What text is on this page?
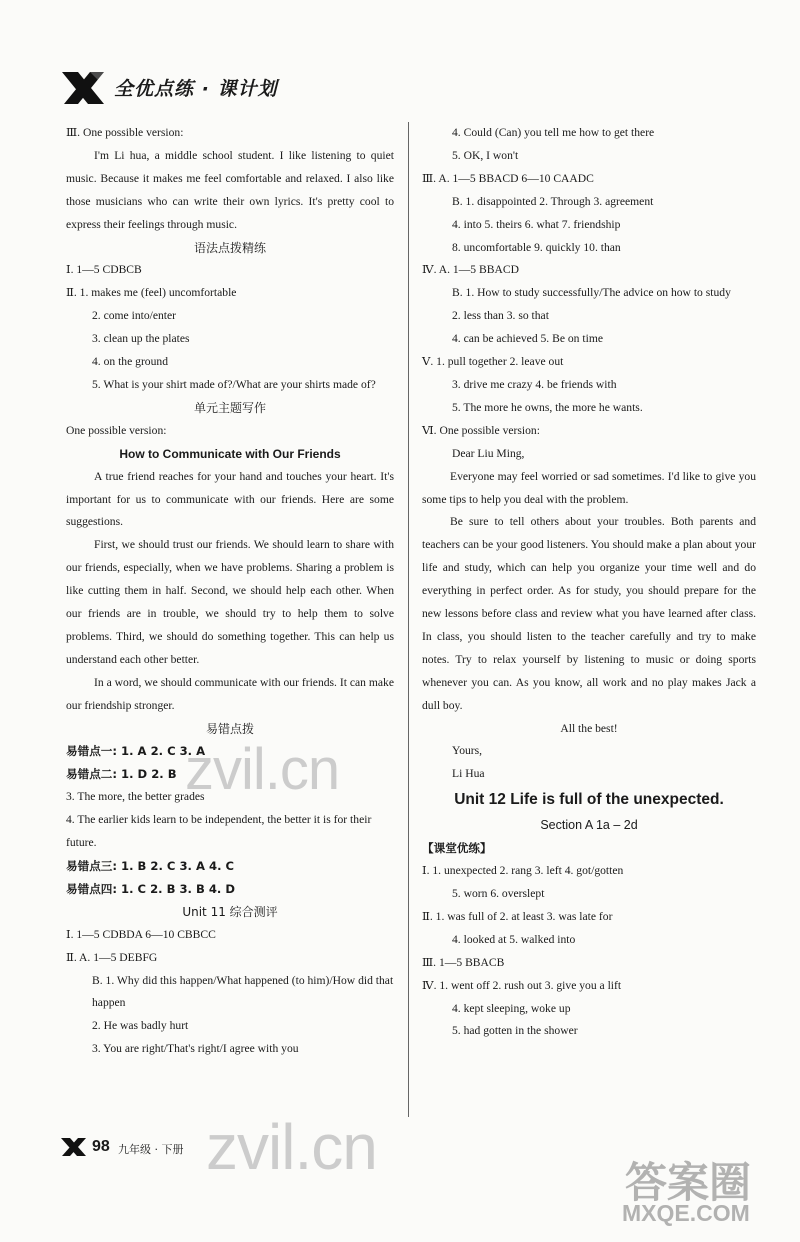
全优点练 · 课计划

Ⅲ. One possible version:

I'm Li hua, a middle school student. I like listening to quiet music. Because it makes me feel comfortable and relaxed. I also like those musicians who can write their own lyrics. It's pretty cool to express their feelings through music.

语法点拨精练

Ⅰ. 1—5 CDBCB

Ⅱ. 1. makes me (feel) uncomfortable

2. come into/enter

3. clean up the plates

4. on the ground

5. What is your shirt made of?/What are your shirts made of?

单元主题写作

One possible version:

How to Communicate with Our Friends

A true friend reaches for your hand and touches your heart. It's important for us to communicate with our friends. Here are some suggestions.

First, we should trust our friends. We should learn to share with our friends, especially, when we have problems. Sharing a problem is like cutting them in half. Second, we should help each other. When our friends are in trouble, we should try to help them to solve problems. Third, we should do something together. This can help us understand each other better.

In a word, we should communicate with our friends. It can make our friendship stronger.

易错点拨

易错点一: 1. A 2. C 3. A

易错点二: 1. D 2. B

3. The more, the better grades

4. The earlier kids learn to be independent, the better it is for their future.

易错点三: 1. B 2. C 3. A 4. C

易错点四: 1. C 2. B 3. B 4. D

Unit 11 综合测评

Ⅰ. 1—5 CDBDA 6—10 CBBCC

Ⅱ. A. 1—5 DEBFG

B. 1. Why did this happen/What happened (to him)/How did that happen

2. He was badly hurt

3. You are right/That's right/I agree with you

4. Could (Can) you tell me how to get there

5. OK, I won't

Ⅲ. A. 1—5 BBACD 6—10 CAADC

B. 1. disappointed 2. Through 3. agreement

4. into 5. theirs 6. what 7. friendship

8. uncomfortable 9. quickly 10. than

Ⅳ. A. 1—5 BBACD

B. 1. How to study successfully/The advice on how to study

2. less than 3. so that

4. can be achieved 5. Be on time

Ⅴ. 1. pull together 2. leave out

3. drive me crazy 4. be friends with

5. The more he owns, the more he wants.

Ⅵ. One possible version:

Dear Liu Ming,

Everyone may feel worried or sad sometimes. I'd like to give you some tips to help you deal with the problem.

Be sure to tell others about your troubles. Both parents and teachers can be your good listeners. You should make a plan about your life and study, which can help you organize your time well and do everything in perfect order. As for study, you should prepare for the new lessons before class and review what you have learned after class. In class, you should listen to the teacher carefully and try to make notes. Try to relax yourself by listening to music or doing sports whenever you can. As you know, all work and no play makes Jack a dull boy.

All the best!

Yours,

Li Hua

Unit 12 Life is full of the unexpected.

Section A 1a – 2d

【课堂优练】

Ⅰ. 1. unexpected 2. rang 3. left 4. got/gotten

5. worn 6. overslept

Ⅱ. 1. was full of 2. at least 3. was late for

4. looked at 5. walked into

Ⅲ. 1—5 BBACB

Ⅳ. 1. went off 2. rush out 3. give you a lift

4. kept sleeping, woke up

5. had gotten in the shower

98 九年级 · 下册
zvil.cn
zvil.cn	答案圈
MXQE.COM
